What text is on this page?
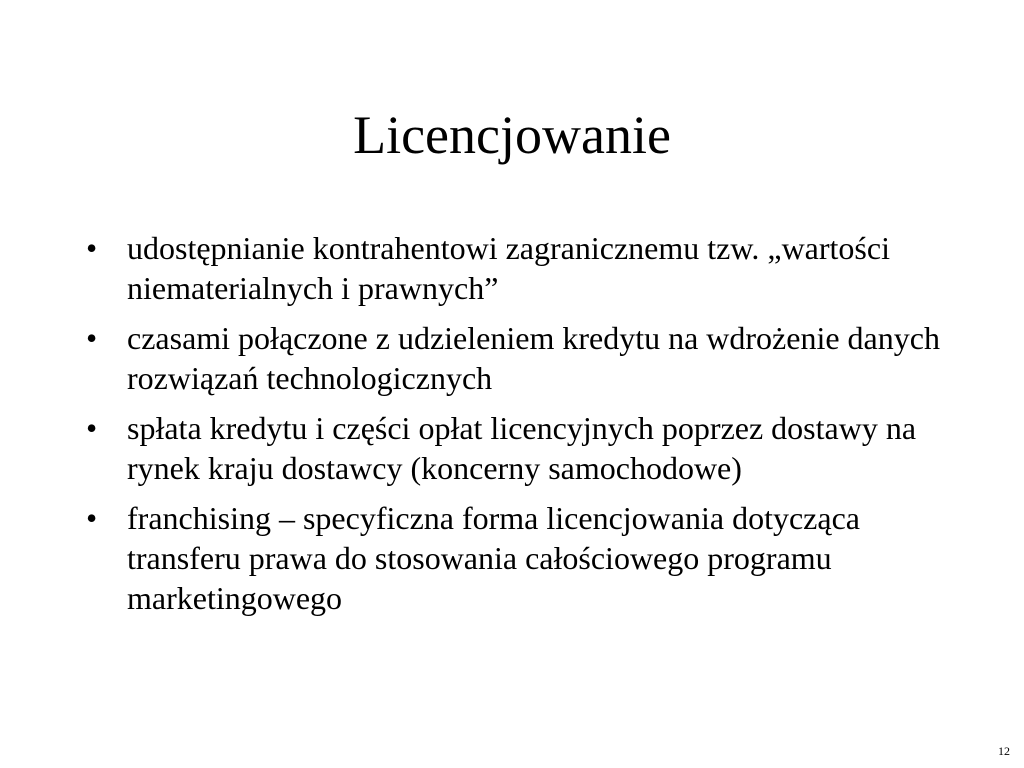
Licencjowanie
• udostępnianie kontrahentowi zagranicznemu tzw. „wartości niematerialnych i prawnych”
• czasami połączone z udzieleniem kredytu na wdrożenie danych rozwiązań technologicznych
• spłata kredytu i części opłat licencyjnych poprzez dostawy na rynek kraju dostawcy (koncerny samochodowe)
• franchising – specyficzna forma licencjowania dotycząca transferu prawa do stosowania całościowego programu marketingowego
12
